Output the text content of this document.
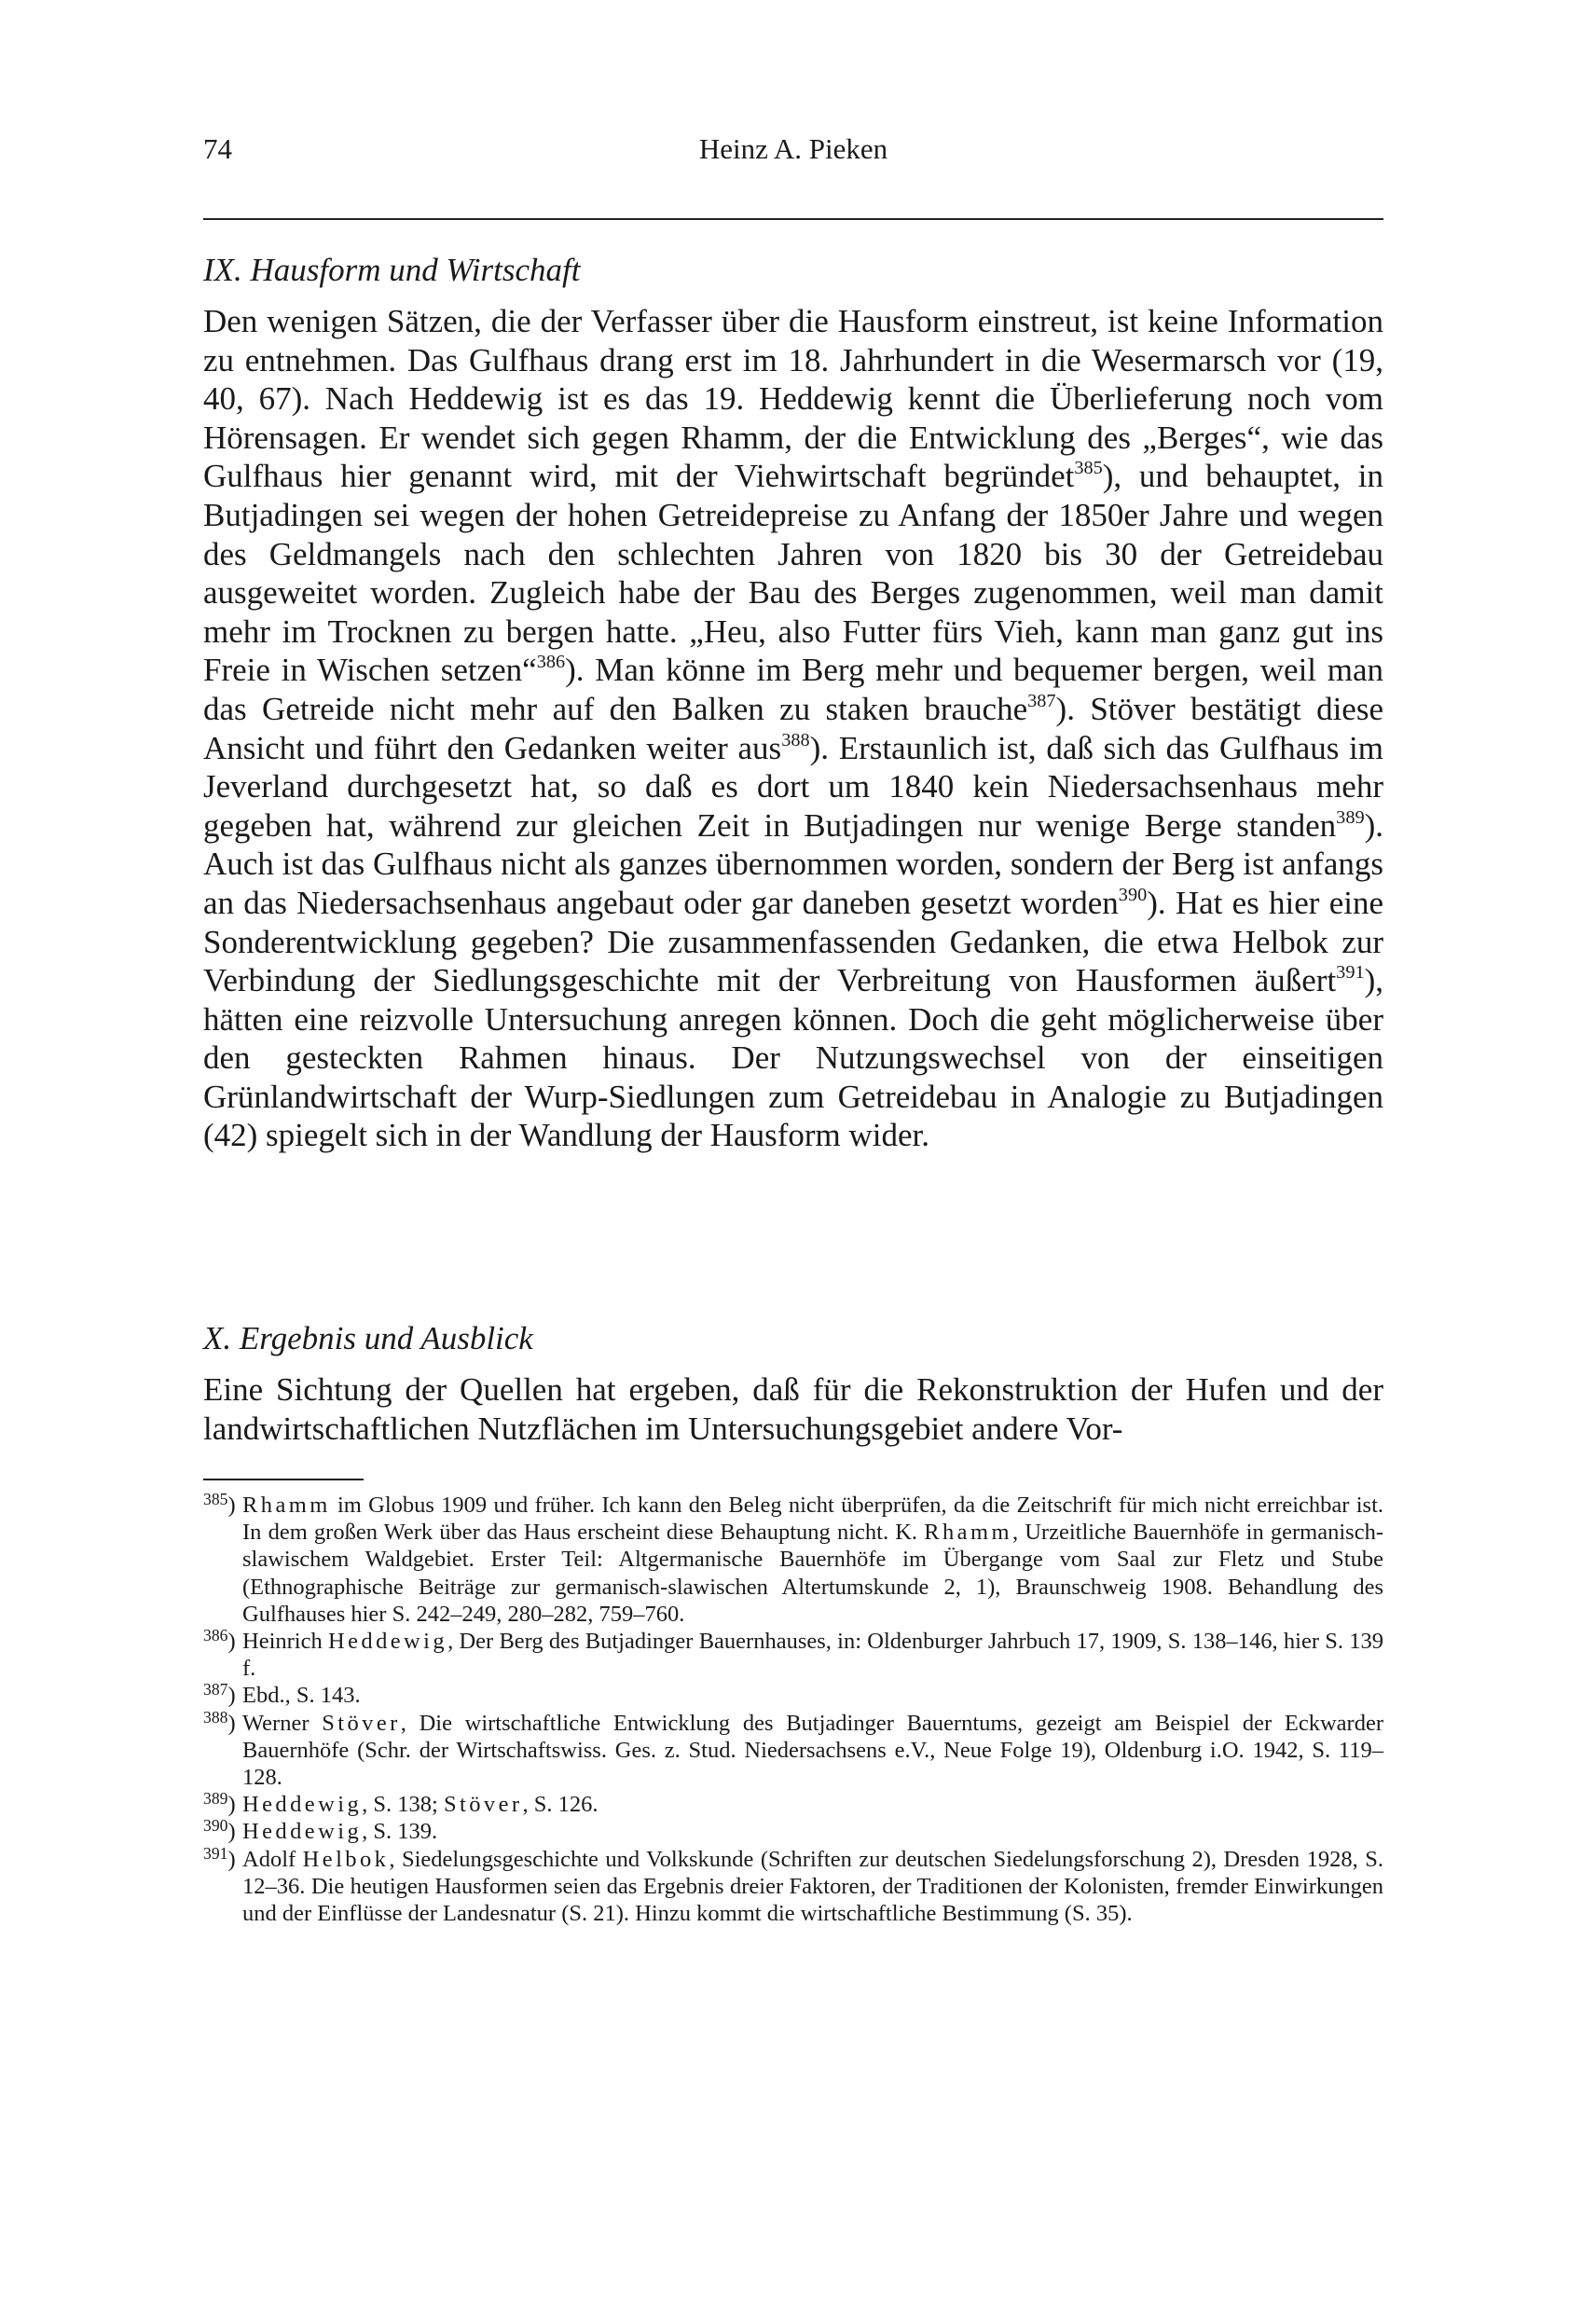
74	Heinz A. Pieken
IX. Hausform und Wirtschaft

Den wenigen Sätzen, die der Verfasser über die Hausform einstreut, ist keine Information zu entnehmen. Das Gulfhaus drang erst im 18. Jahrhundert in die Wesermarsch vor (19, 40, 67). Nach Heddewig ist es das 19. Heddewig kennt die Überlieferung noch vom Hörensagen. Er wendet sich gegen Rhamm, der die Entwicklung des „Berges“, wie das Gulfhaus hier genannt wird, mit der Viehwirtschaft begründet$^{385}$), und behauptet, in Butjadingen sei wegen der hohen Getreidepreise zu Anfang der 1850er Jahre und wegen des Geldmangels nach den schlechten Jahren von 1820 bis 30 der Getreidebau ausgeweitet worden. Zugleich habe der Bau des Berges zugenommen, weil man damit mehr im Trocknen zu bergen hatte. „Heu, also Futter fürs Vieh, kann man ganz gut ins Freie in Wischen setzen“$^{386}$). Man könne im Berg mehr und bequemer bergen, weil man das Getreide nicht mehr auf den Balken zu staken brauche$^{387}$). Stöver bestätigt diese Ansicht und führt den Gedanken weiter aus$^{388}$). Erstaunlich ist, daß sich das Gulfhaus im Jeverland durchgesetzt hat, so daß es dort um 1840 kein Niedersachsenhaus mehr gegeben hat, während zur gleichen Zeit in Butjadingen nur wenige Berge standen$^{389}$). Auch ist das Gulfhaus nicht als ganzes übernommen worden, sondern der Berg ist anfangs an das Niedersachsenhaus angebaut oder gar daneben gesetzt worden$^{390}$). Hat es hier eine Sonderentwicklung gegeben? Die zusammenfassenden Gedanken, die etwa Helbok zur Verbindung der Siedlungsgeschichte mit der Verbreitung von Hausformen äußert$^{391}$), hätten eine reizvolle Untersuchung anregen können. Doch die geht möglicherweise über den gesteckten Rahmen hinaus. Der Nutzungswechsel von der einseitigen Grünlandwirtschaft der Wurp-Siedlungen zum Getreidebau in Analogie zu Butjadingen (42) spiegelt sich in der Wandlung der Hausform wider.

X. Ergebnis und Ausblick

Eine Sichtung der Quellen hat ergeben, daß für die Rekonstruktion der Hufen und der landwirtschaftlichen Nutzflächen im Untersuchungsgebiet andere Vor-

$^{385}$) Rhamm im Globus 1909 und früher. Ich kann den Beleg nicht überprüfen, da die Zeitschrift für mich nicht erreichbar ist. In dem großen Werk über das Haus erscheint diese Behauptung nicht. K. Rhamm, Urzeitliche Bauernhöfe in germanisch-slawischem Waldgebiet. Erster Teil: Altgermanische Bauernhöfe im Übergange vom Saal zur Fletz und Stube (Ethnographische Beiträge zur germanisch-slawischen Altertumskunde 2, 1), Braunschweig 1908. Behandlung des Gulfhauses hier S. 242–249, 280–282, 759–760.

$^{386}$) Heinrich Heddewig, Der Berg des Butjadinger Bauernhauses, in: Oldenburger Jahrbuch 17, 1909, S. 138–146, hier S. 139 f.

$^{387}$) Ebd., S. 143.

$^{388}$) Werner Stöver, Die wirtschaftliche Entwicklung des Butjadinger Bauerntums, gezeigt am Beispiel der Eckwarder Bauernhöfe (Schr. der Wirtschaftswiss. Ges. z. Stud. Niedersachsens e.V., Neue Folge 19), Oldenburg i.O. 1942, S. 119–128.

$^{389}$) Heddewig, S. 138; Stöver, S. 126.

$^{390}$) Heddewig, S. 139.

$^{391}$) Adolf Helbok, Siedelungsgeschichte und Volkskunde (Schriften zur deutschen Siedelungsforschung 2), Dresden 1928, S. 12–36. Die heutigen Hausformen seien das Ergebnis dreier Faktoren, der Traditionen der Kolonisten, fremder Einwirkungen und der Einflüsse der Landesnatur (S. 21). Hinzu kommt die wirtschaftliche Bestimmung (S. 35).
